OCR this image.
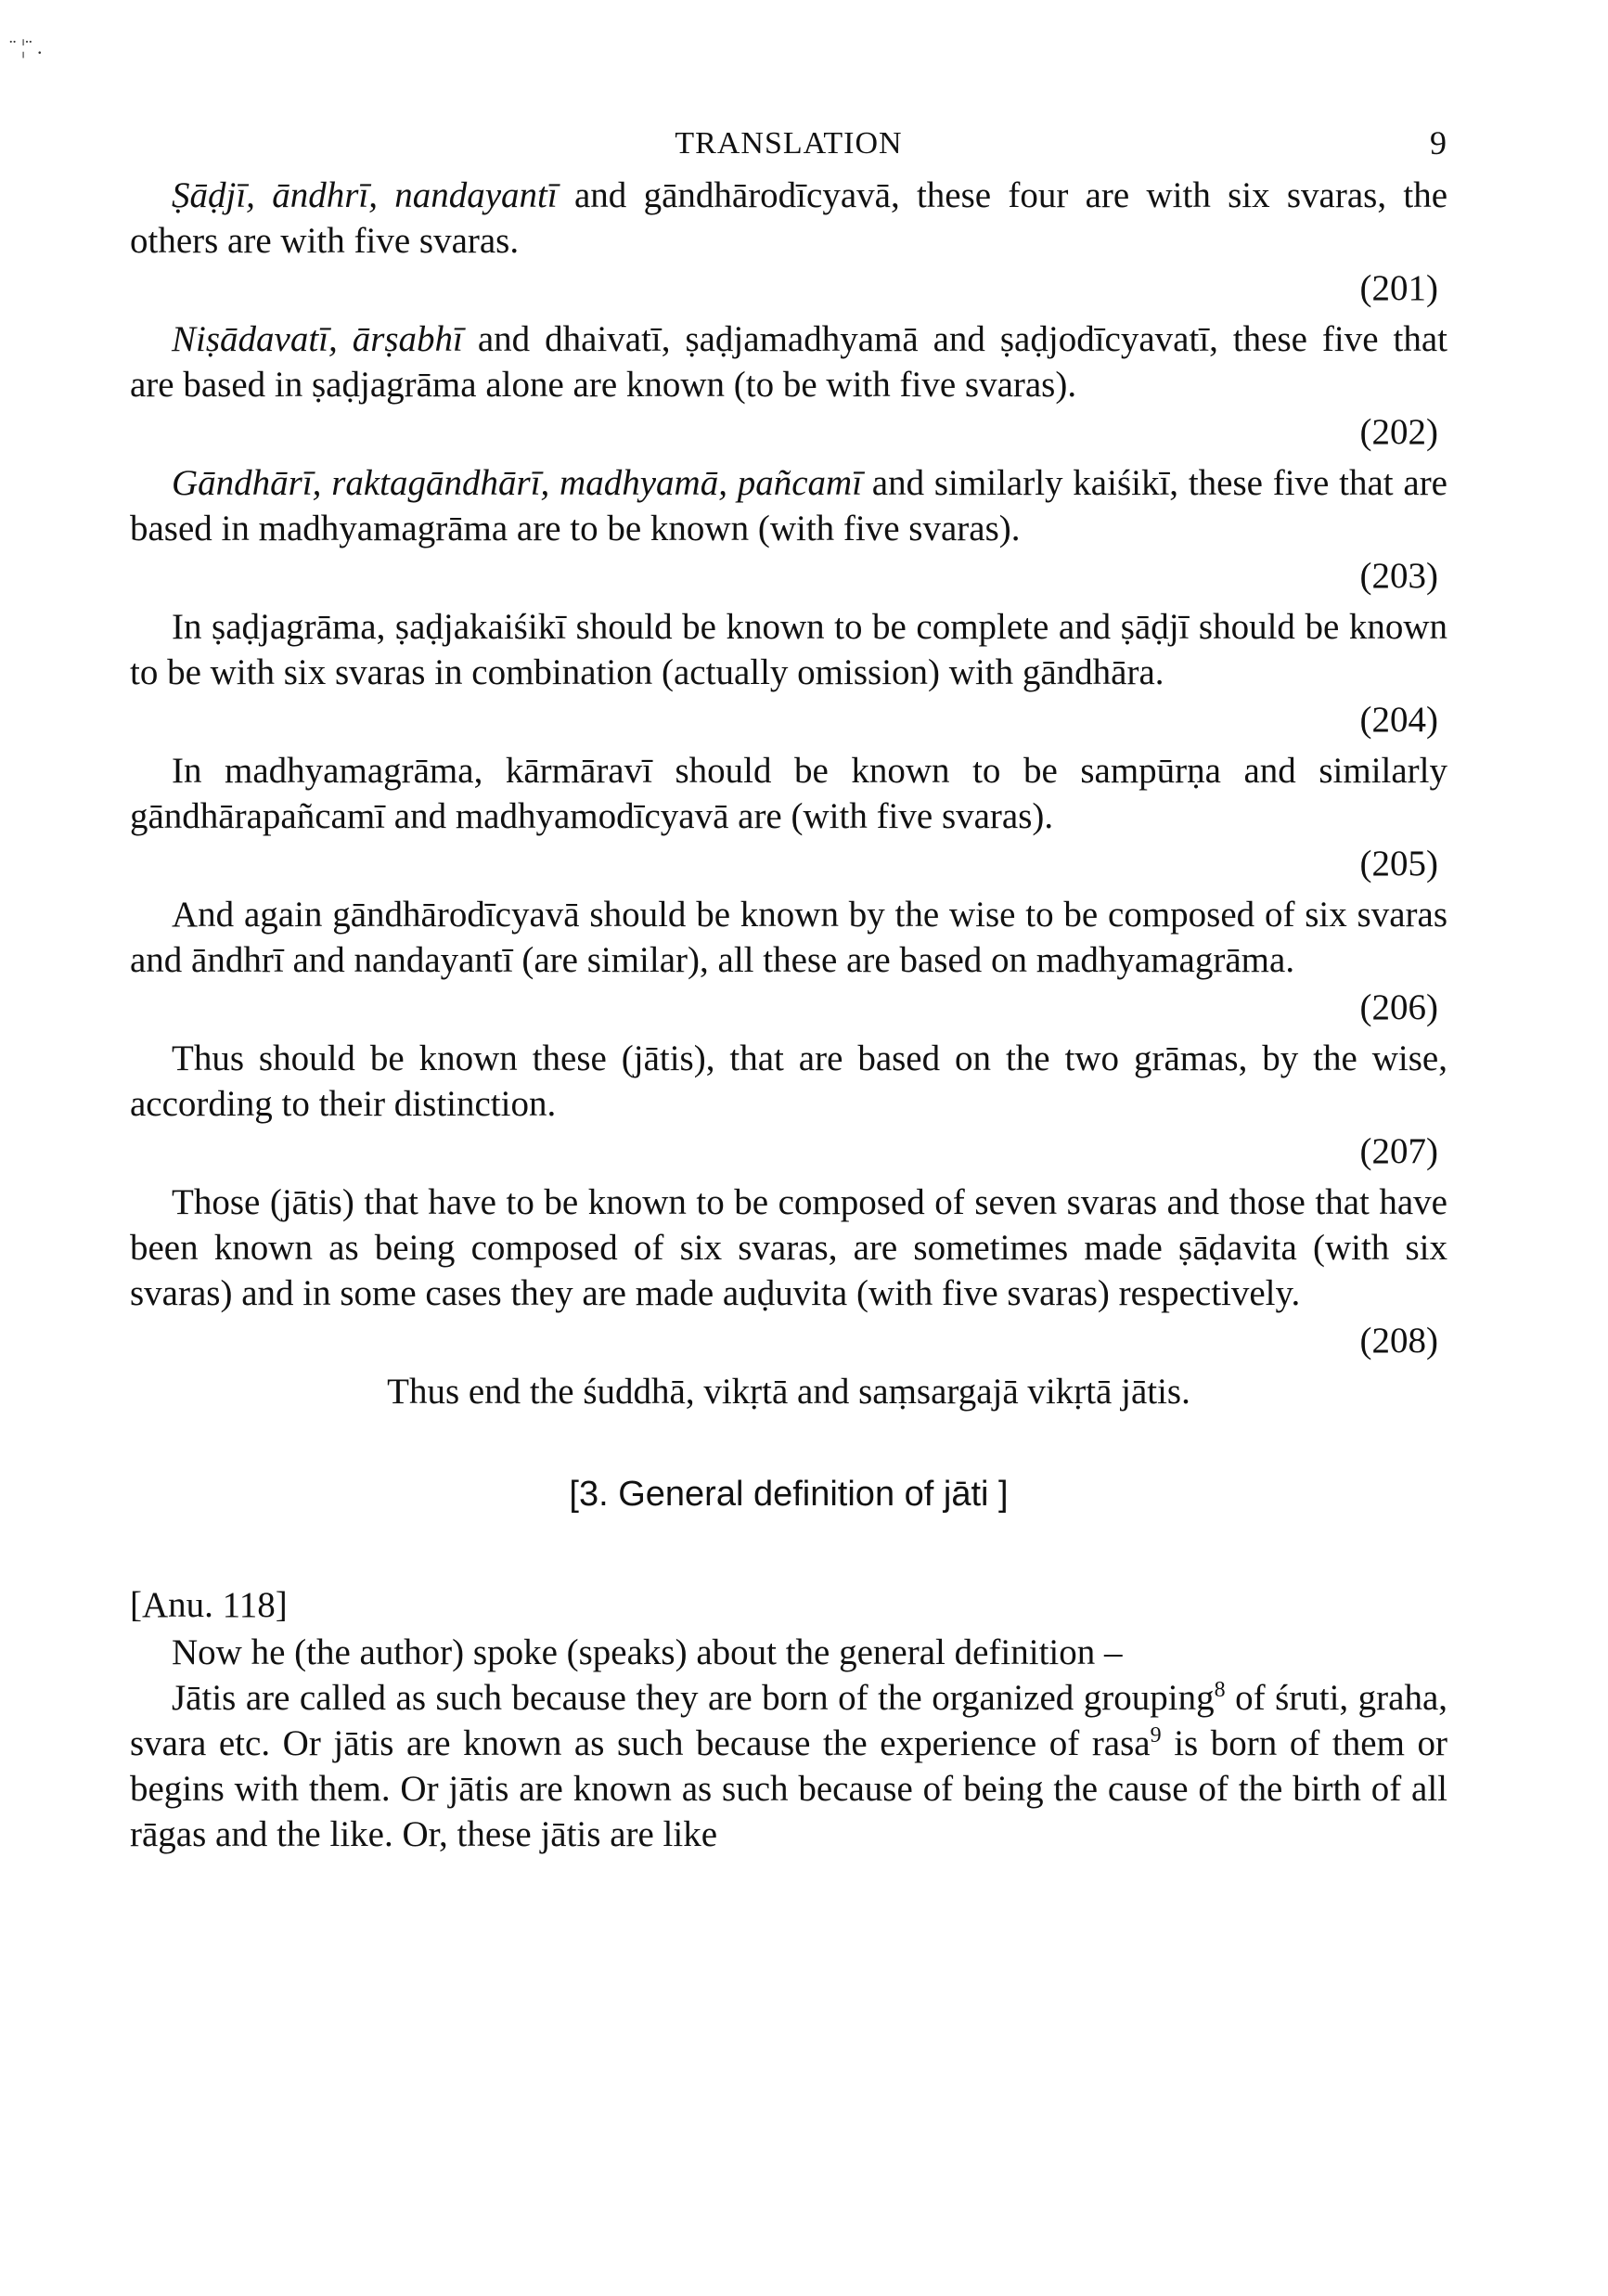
¨ ¦¨ .
TRANSLATION	9

Ṣāḍjī, āndhrī, nandayantī and gāndhārodīcyavā, these four are with six svaras, the others are with five svaras.

(201)

Niṣādavatī, ārṣabhī and dhaivatī, ṣaḍjamadhyamā and ṣaḍjodīcyavatī, these five that are based in ṣaḍjagrāma alone are known (to be with five svaras).

(202)

Gāndhārī, raktagāndhārī, madhyamā, pañcamī and similarly kaiśikī, these five that are based in madhyamagrāma are to be known (with five svaras).

(203)

In ṣaḍjagrāma, ṣaḍjakaiśikī should be known to be complete and ṣāḍjī should be known to be with six svaras in combination (actually omission) with gāndhāra.

(204)

In madhyamagrāma, kārmāravī should be known to be sampūrṇa and similarly gāndhārapañcamī and madhyamodīcyavā are (with five svaras).

(205)

And again gāndhārodīcyavā should be known by the wise to be composed of six svaras and āndhrī and nandayantī (are similar), all these are based on madhyamagrāma.

(206)

Thus should be known these (jātis), that are based on the two grāmas, by the wise, according to their distinction.

(207)

Those (jātis) that have to be known to be composed of seven svaras and those that have been known as being composed of six svaras, are sometimes made ṣāḍavita (with six svaras) and in some cases they are made auḍuvita (with five svaras) respectively.

(208)

Thus end the śuddhā, vikṛtā and saṃsargajā vikṛtā jātis.

[3. General definition of jāti ]

[Anu. 118]

Now he (the author) spoke (speaks) about the general definition –

Jātis are called as such because they are born of the organized grouping$^8$ of śruti, graha, svara etc. Or jātis are known as such because the experience of rasa$^9$ is born of them or begins with them. Or jātis are known as such because of being the cause of the birth of all rāgas and the like. Or, these jātis are like
